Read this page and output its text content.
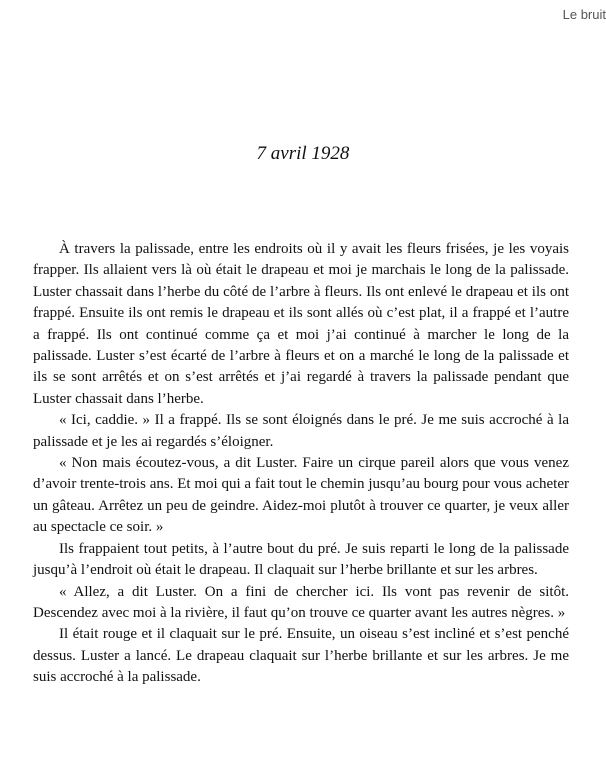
Le bruit
7 avril 1928

À travers la palissade, entre les endroits où il y avait les fleurs frisées, je les voyais frapper. Ils allaient vers là où était le drapeau et moi je marchais le long de la palissade. Luster chassait dans l’herbe du côté de l’arbre à fleurs. Ils ont enlevé le drapeau et ils ont frappé. Ensuite ils ont remis le drapeau et ils sont allés où c’est plat, il a frappé et l’autre a frappé. Ils ont continué comme ça et moi j’ai continué à marcher le long de la palissade. Luster s’est écarté de l’arbre à fleurs et on a marché le long de la palissade et ils se sont arrêtés et on s’est arrêtés et j’ai regardé à travers la palissade pendant que Luster chassait dans l’herbe.

« Ici, caddie. » Il a frappé. Ils se sont éloignés dans le pré. Je me suis accroché à la palissade et je les ai regardés s’éloigner.

« Non mais écoutez-vous, a dit Luster. Faire un cirque pareil alors que vous venez d’avoir trente-trois ans. Et moi qui a fait tout le chemin jusqu’au bourg pour vous acheter un gâteau. Arrêtez un peu de geindre. Aidez-moi plutôt à trouver ce quarter, je veux aller au spectacle ce soir. »

Ils frappaient tout petits, à l’autre bout du pré. Je suis reparti le long de la palissade jusqu’à l’endroit où était le drapeau. Il claquait sur l’herbe brillante et sur les arbres.

« Allez, a dit Luster. On a fini de chercher ici. Ils vont pas revenir de sitôt. Descendez avec moi à la rivière, il faut qu’on trouve ce quarter avant les autres nègres. »

Il était rouge et il claquait sur le pré. Ensuite, un oiseau s’est incliné et s’est penché dessus. Luster a lancé. Le drapeau claquait sur l’herbe brillante et sur les arbres. Je me suis accroché à la palissade.
